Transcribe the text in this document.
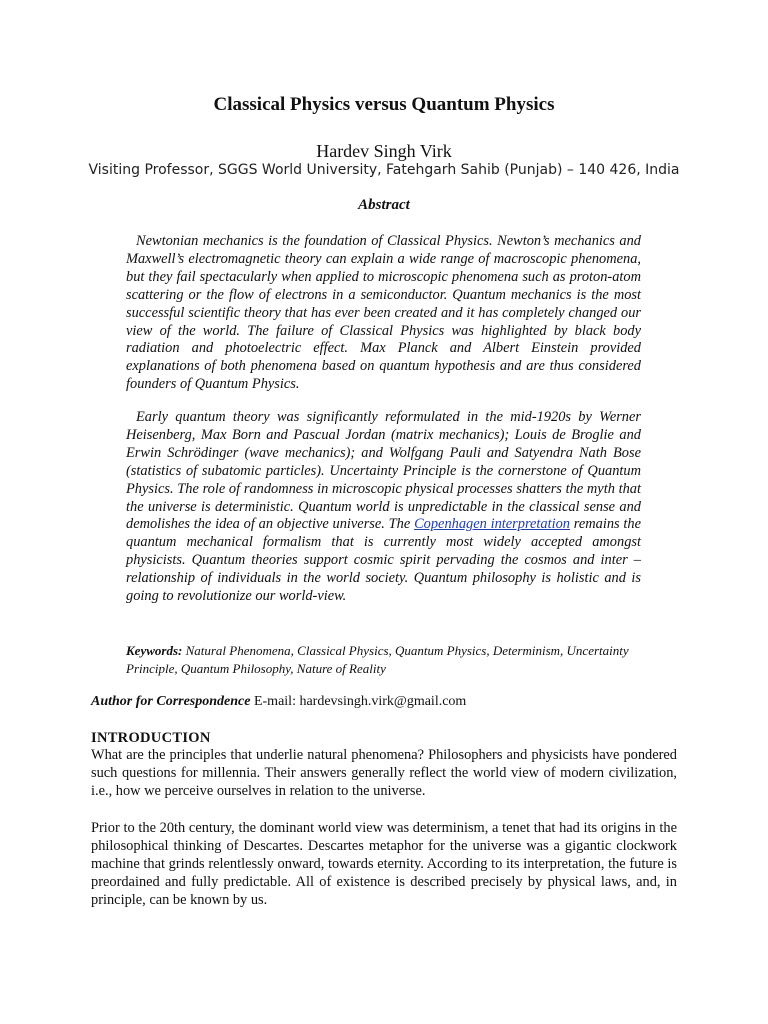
Classical Physics versus Quantum Physics
Hardev Singh Virk
Visiting Professor, SGGS World University, Fatehgarh Sahib (Punjab) – 140 426, India
Abstract

Newtonian mechanics is the foundation of Classical Physics. Newton’s mechanics and Maxwell’s electromagnetic theory can explain a wide range of macroscopic phenomena, but they fail spectacularly when applied to microscopic phenomena such as proton-atom scattering or the flow of electrons in a semiconductor. Quantum mechanics is the most successful scientific theory that has ever been created and it has completely changed our view of the world. The failure of Classical Physics was highlighted by black body radiation and photoelectric effect. Max Planck and Albert Einstein provided explanations of both phenomena based on quantum hypothesis and are thus considered founders of Quantum Physics.

Early quantum theory was significantly reformulated in the mid-1920s by Werner Heisenberg, Max Born and Pascual Jordan (matrix mechanics); Louis de Broglie and Erwin Schrödinger (wave mechanics); and Wolfgang Pauli and Satyendra Nath Bose (statistics of subatomic particles). Uncertainty Principle is the cornerstone of Quantum Physics. The role of randomness in microscopic physical processes shatters the myth that the universe is deterministic. Quantum world is unpredictable in the classical sense and demolishes the idea of an objective universe. The Copenhagen interpretation remains the quantum mechanical formalism that is currently most widely accepted amongst physicists. Quantum theories support cosmic spirit pervading the cosmos and inter – relationship of individuals in the world society. Quantum philosophy is holistic and is going to revolutionize our world-view.

Keywords: Natural Phenomena, Classical Physics, Quantum Physics, Determinism, Uncertainty Principle, Quantum Philosophy, Nature of Reality

Author for Correspondence E-mail: hardevsingh.virk@gmail.com
INTRODUCTION

What are the principles that underlie natural phenomena? Philosophers and physicists have pondered such questions for millennia. Their answers generally reflect the world view of modern civilization, i.e., how we perceive ourselves in relation to the universe.

Prior to the 20th century, the dominant world view was determinism, a tenet that had its origins in the philosophical thinking of Descartes. Descartes metaphor for the universe was a gigantic clockwork machine that grinds relentlessly onward, towards eternity. According to its interpretation, the future is preordained and fully predictable. All of existence is described precisely by physical laws, and, in principle, can be known by us.
